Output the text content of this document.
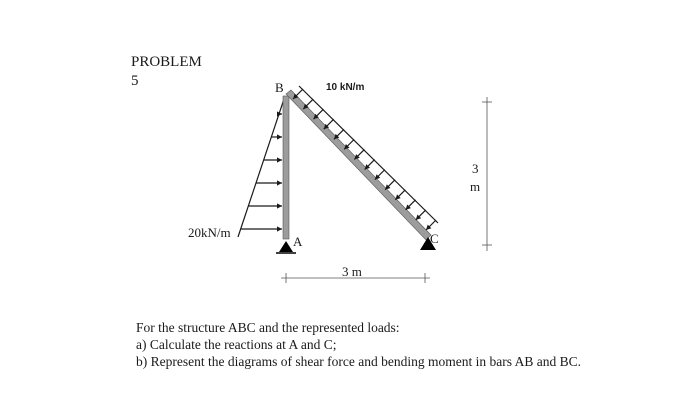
PROBLEM
5	B
A	C
20kN/m
10 kN/m
3 m
3
m
For the structure ABC and the represented loads:
a) Calculate the reactions at A and C;
b) Represent the diagrams of shear force and bending moment in bars AB and BC.
